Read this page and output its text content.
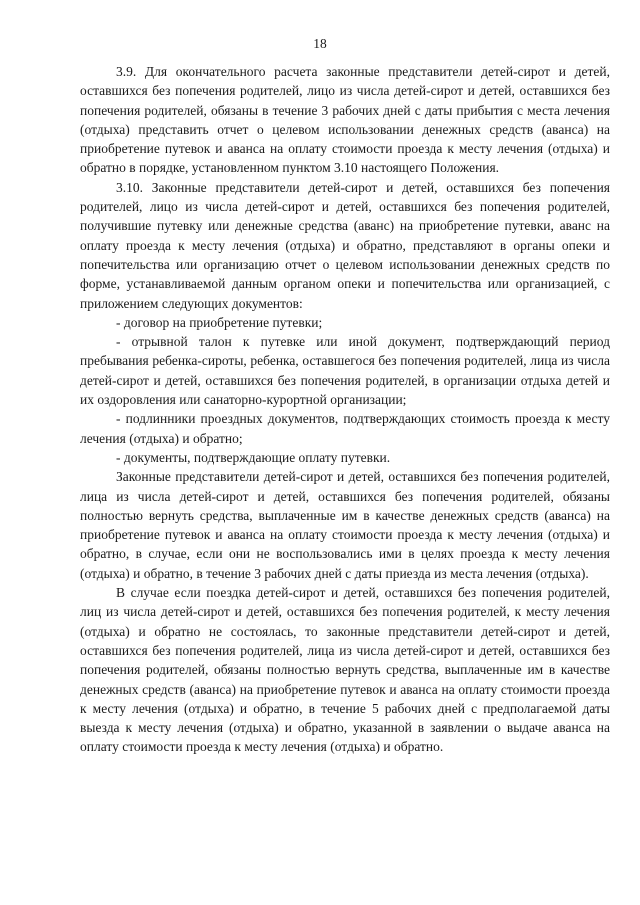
18

3.9. Для окончательного расчета законные представители детей-сирот и детей, оставшихся без попечения родителей, лицо из числа детей-сирот и детей, оставшихся без попечения родителей, обязаны в течение 3 рабочих дней с даты прибытия с места лечения (отдыха) представить отчет о целевом использовании денежных средств (аванса) на приобретение путевок и аванса на оплату стоимости проезда к месту лечения (отдыха) и обратно в порядке, установленном пунктом 3.10 настоящего Положения.

3.10. Законные представители детей-сирот и детей, оставшихся без попечения родителей, лицо из числа детей-сирот и детей, оставшихся без попечения родителей, получившие путевку или денежные средства (аванс) на приобретение путевки, аванс на оплату проезда к месту лечения (отдыха) и обратно, представляют в органы опеки и попечительства или организацию отчет о целевом использовании денежных средств по форме, устанавливаемой данным органом опеки и попечительства или организацией, с приложением следующих документов:

- договор на приобретение путевки;

- отрывной талон к путевке или иной документ, подтверждающий период пребывания ребенка-сироты, ребенка, оставшегося без попечения родителей, лица из числа детей-сирот и детей, оставшихся без попечения родителей, в организации отдыха детей и их оздоровления или санаторно-курортной организации;

- подлинники проездных документов, подтверждающих стоимость проезда к месту лечения (отдыха) и обратно;

- документы, подтверждающие оплату путевки.

Законные представители детей-сирот и детей, оставшихся без попечения родителей, лица из числа детей-сирот и детей, оставшихся без попечения родителей, обязаны полностью вернуть средства, выплаченные им в качестве денежных средств (аванса) на приобретение путевок и аванса на оплату стоимости проезда к месту лечения (отдыха) и обратно, в случае, если они не воспользовались ими в целях проезда к месту лечения (отдыха) и обратно, в течение 3 рабочих дней с даты приезда из места лечения (отдыха).

В случае если поездка детей-сирот и детей, оставшихся без попечения родителей, лиц из числа детей-сирот и детей, оставшихся без попечения родителей, к месту лечения (отдыха) и обратно не состоялась, то законные представители детей-сирот и детей, оставшихся без попечения родителей, лица из числа детей-сирот и детей, оставшихся без попечения родителей, обязаны полностью вернуть средства, выплаченные им в качестве денежных средств (аванса) на приобретение путевок и аванса на оплату стоимости проезда к месту лечения (отдыха) и обратно, в течение 5 рабочих дней с предполагаемой даты выезда к месту лечения (отдыха) и обратно, указанной в заявлении о выдаче аванса на оплату стоимости проезда к месту лечения (отдыха) и обратно.
